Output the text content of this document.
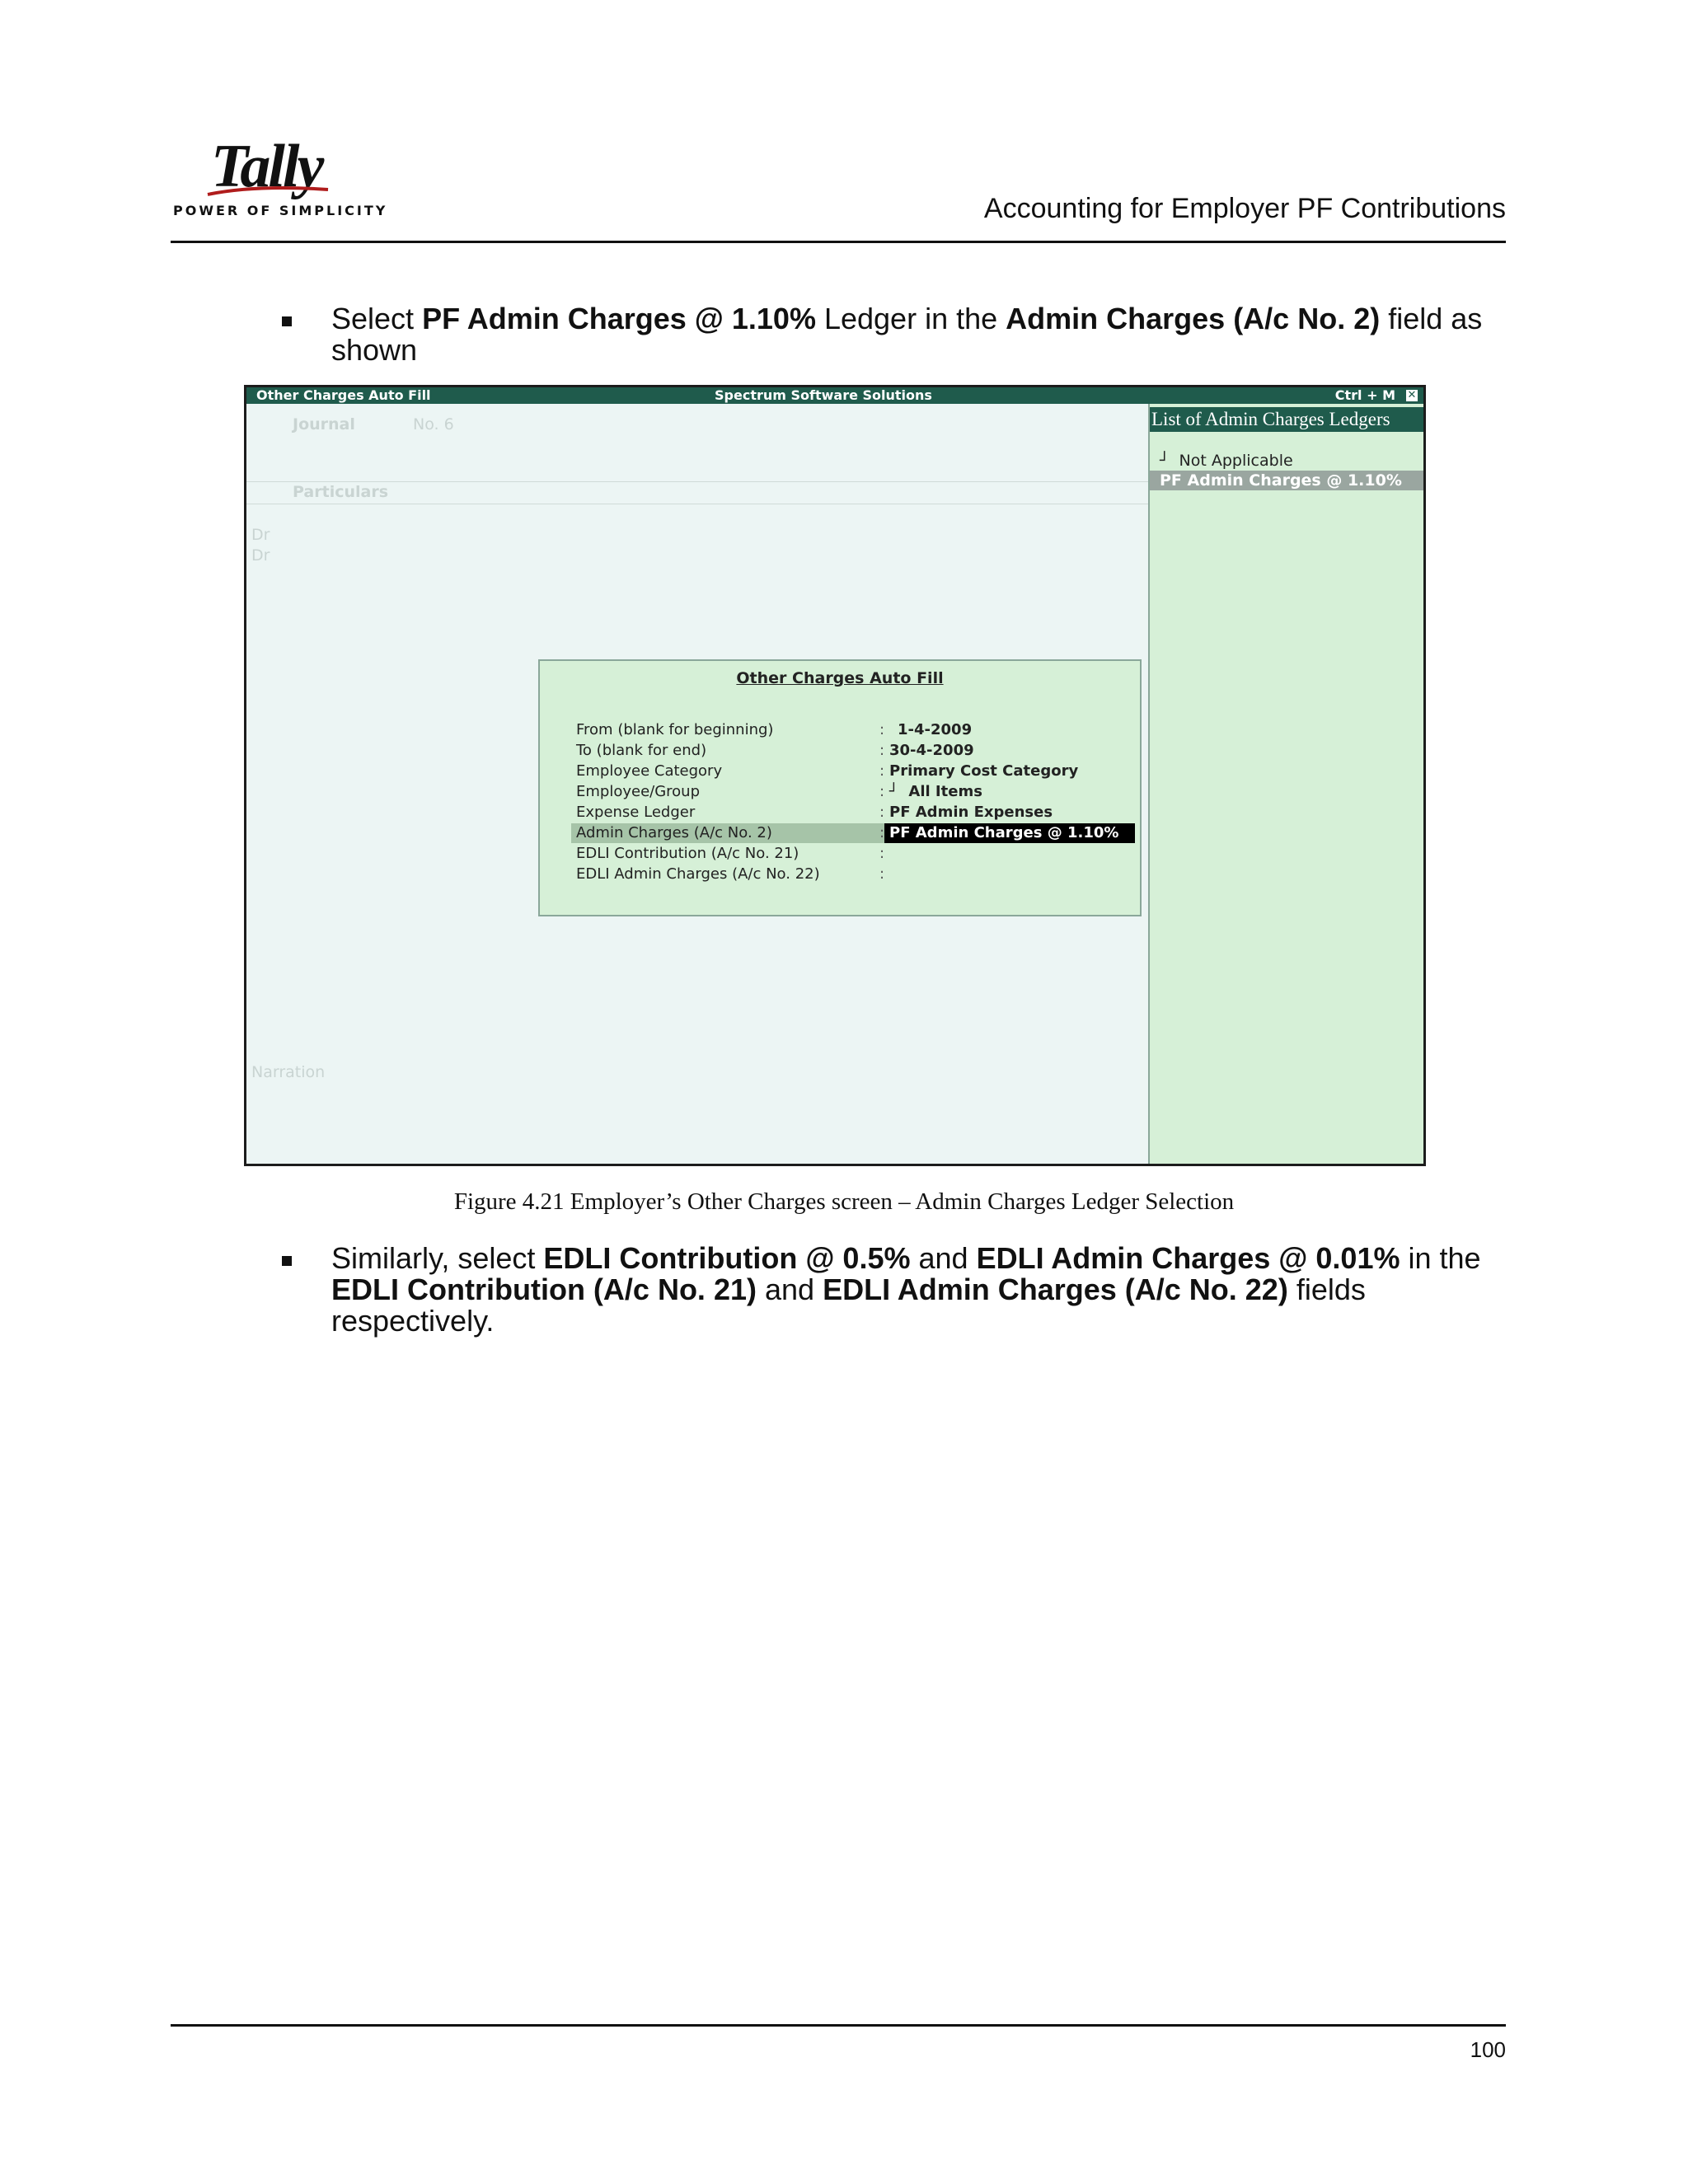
Tally
POWER OF SIMPLICITY	Accounting for Employer PF Contributions
Select PF Admin Charges @ 1.10% Ledger in the Admin Charges (A/c No. 2) field as shown
Other Charges Auto Fill	Spectrum Software Solutions	Ctrl + M ✕
Journal	No. 6
Particulars
Dr
Dr
Narration
List of Admin Charges Ledgers
┘ Not Applicable
PF Admin Charges @ 1.10%
Other Charges Auto Fill
From (blank for beginning)	: 1-4-2009
To (blank for end)	: 30-4-2009
Employee Category	: Primary Cost Category
Employee/Group	: ┘ All Items
Expense Ledger	: PF Admin Expenses
Admin Charges (A/c No. 2)	: PF Admin Charges @ 1.10%
EDLI Contribution (A/c No. 21)	:
EDLI Admin Charges (A/c No. 22)	:
Figure 4.21 Employer’s Other Charges screen – Admin Charges Ledger Selection
Similarly, select EDLI Contribution @ 0.5% and EDLI Admin Charges @ 0.01% in the EDLI Contribution (A/c No. 21) and EDLI Admin Charges (A/c No. 22) fields respectively.
100
